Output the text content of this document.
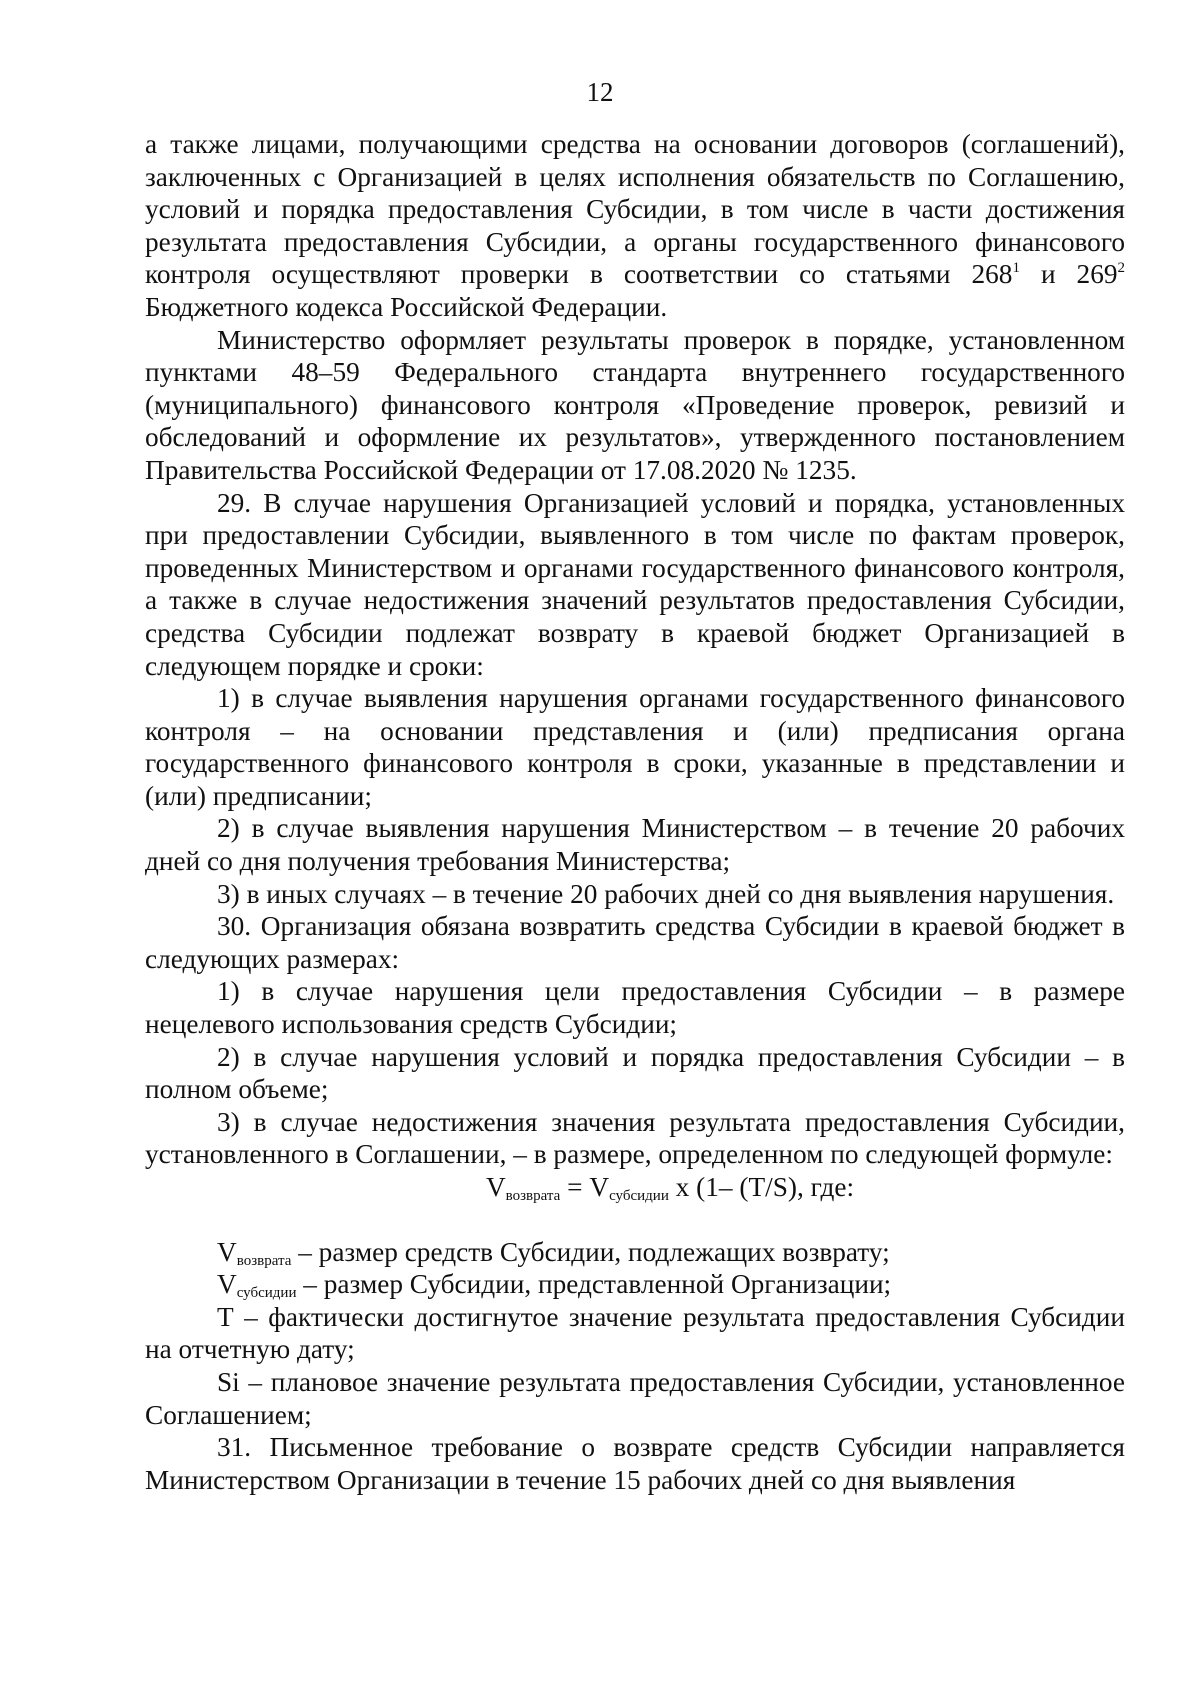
12

а также лицами, получающими средства на основании договоров (соглашений), заключенных с Организацией в целях исполнения обязательств по Соглашению, условий и порядка предоставления Субсидии, в том числе в части достижения результата предоставления Субсидии, а органы государственного финансового контроля осуществляют проверки в соответствии со статьями $268^1$ и $269^2$ Бюджетного кодекса Российской Федерации.

Министерство оформляет результаты проверок в порядке, установленном пунктами 48–59 Федерального стандарта внутреннего государственного (муниципального) финансового контроля «Проведение проверок, ревизий и обследований и оформление их результатов», утвержденного постановлением Правительства Российской Федерации от 17.08.2020 № 1235.

29. В случае нарушения Организацией условий и порядка, установленных при предоставлении Субсидии, выявленного в том числе по фактам проверок, проведенных Министерством и органами государственного финансового контроля, а также в случае недостижения значений результатов предоставления Субсидии, средства Субсидии подлежат возврату в краевой бюджет Организацией в следующем порядке и сроки:

1) в случае выявления нарушения органами государственного финансового контроля – на основании представления и (или) предписания органа государственного финансового контроля в сроки, указанные в представлении и (или) предписании;

2) в случае выявления нарушения Министерством – в течение 20 рабочих дней со дня получения требования Министерства;

3) в иных случаях – в течение 20 рабочих дней со дня выявления нарушения.

30. Организация обязана возвратить средства Субсидии в краевой бюджет в следующих размерах:

1) в случае нарушения цели предоставления Субсидии – в размере нецелевого использования средств Субсидии;

2) в случае нарушения условий и порядка предоставления Субсидии – в полном объеме;

3) в случае недостижения значения результата предоставления Субсидии, установленного в Соглашении, – в размере, определенном по следующей формуле:

$V_{возврата} = V_{субсидии}$ х (1– (T/S), где:

$V_{возврата}$ – размер средств Субсидии, подлежащих возврату;

$V_{субсидии}$ – размер Субсидии, представленной Организации;

Т – фактически достигнутое значение результата предоставления Субсидии на отчетную дату;

Si – плановое значение результата предоставления Субсидии, установленное Соглашением;

31. Письменное требование о возврате средств Субсидии направляется Министерством Организации в течение 15 рабочих дней со дня выявления
